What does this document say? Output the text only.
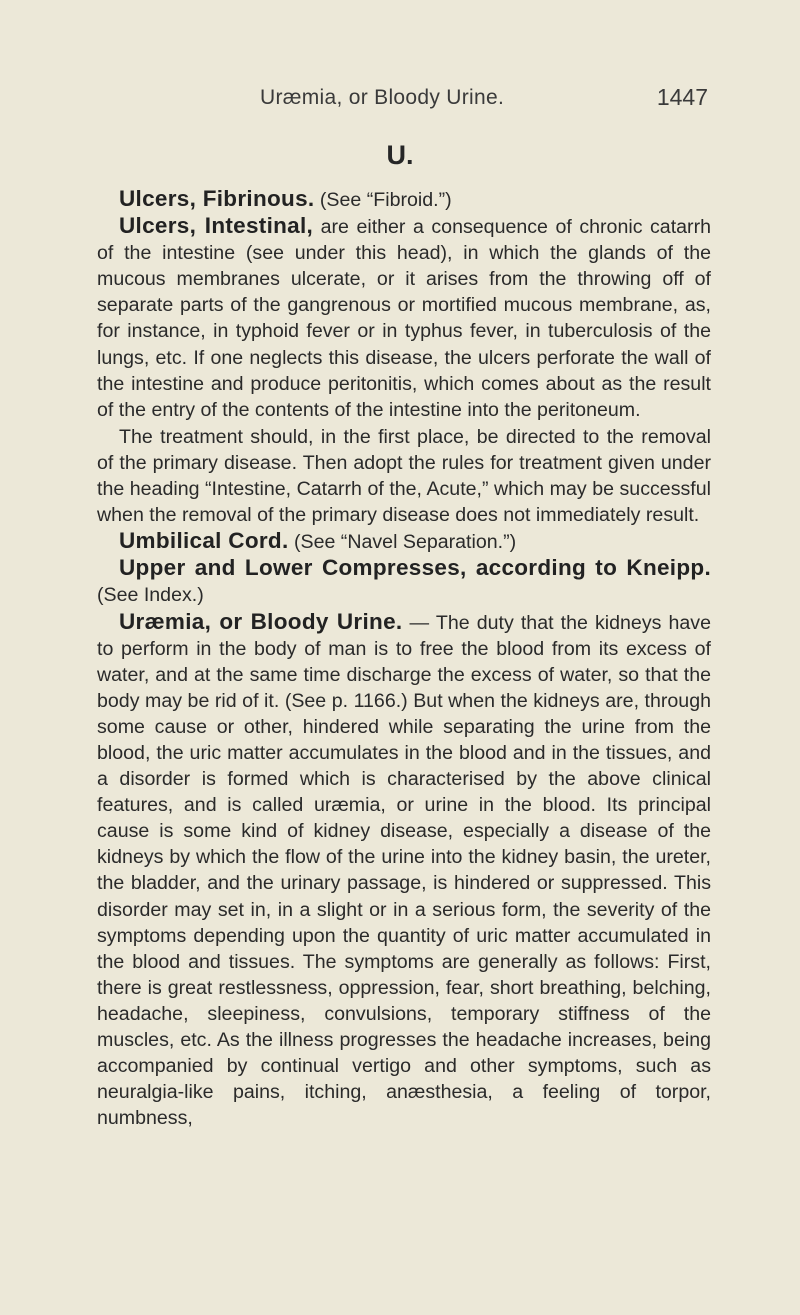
Uræmia, or Bloody Urine.	1447
U.

Ulcers, Fibrinous. (See “Fibroid.”)

Ulcers, Intestinal, are either a consequence of chronic catarrh of the intestine (see under this head), in which the glands of the mucous membranes ulcerate, or it arises from the throwing off of separate parts of the gangrenous or mortified mucous membrane, as, for instance, in typhoid fever or in typhus fever, in tuberculosis of the lungs, etc. If one neglects this disease, the ulcers perforate the wall of the intestine and produce peritonitis, which comes about as the result of the entry of the contents of the intestine into the peritoneum.

The treatment should, in the first place, be directed to the removal of the primary disease. Then adopt the rules for treatment given under the heading “Intestine, Catarrh of the, Acute,” which may be successful when the removal of the primary disease does not immediately result.

Umbilical Cord. (See “Navel Separation.”)

Upper and Lower Compresses, according to Kneipp. (See Index.)

Uræmia, or Bloody Urine. — The duty that the kidneys have to perform in the body of man is to free the blood from its excess of water, and at the same time discharge the excess of water, so that the body may be rid of it. (See p. 1166.) But when the kidneys are, through some cause or other, hindered while separating the urine from the blood, the uric matter accumulates in the blood and in the tissues, and a disorder is formed which is characterised by the above clinical features, and is called uræmia, or urine in the blood. Its principal cause is some kind of kidney disease, especially a disease of the kidneys by which the flow of the urine into the kidney basin, the ureter, the bladder, and the urinary passage, is hindered or suppressed. This disorder may set in, in a slight or in a serious form, the severity of the symptoms depending upon the quantity of uric matter accumulated in the blood and tissues. The symptoms are generally as follows: First, there is great restlessness, oppression, fear, short breathing, belching, headache, sleepiness, convulsions, temporary stiffness of the muscles, etc. As the illness progresses the headache increases, being accompanied by continual vertigo and other symptoms, such as neuralgia-like pains, itching, anæsthesia, a feeling of torpor, numbness,
